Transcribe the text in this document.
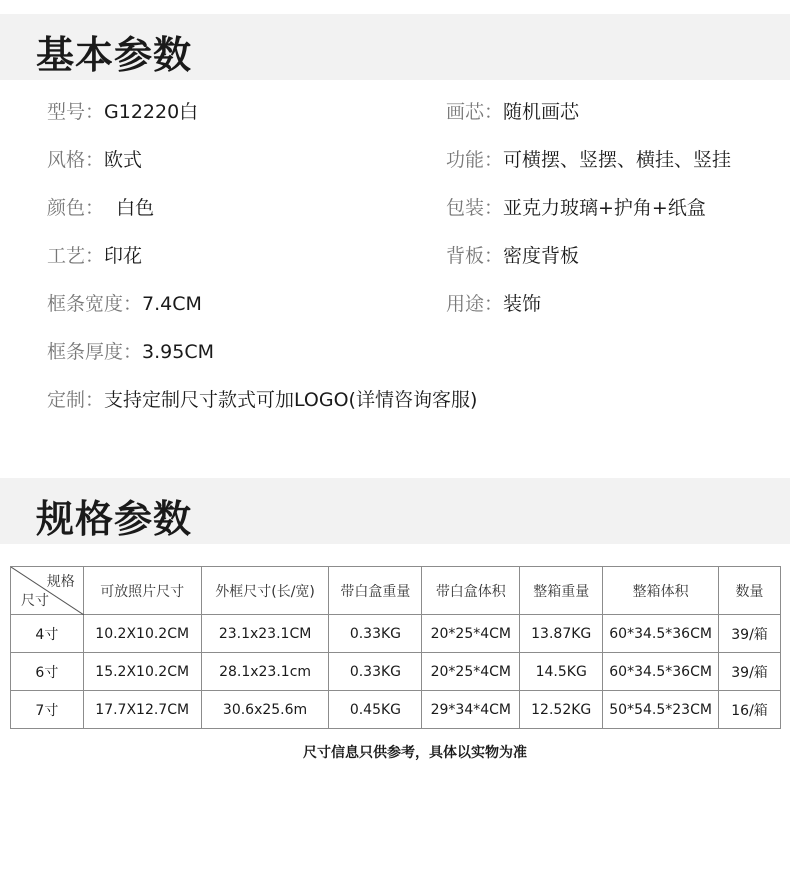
基本参数
型号：G12220白	画芯：随机画芯
风格：欧式	功能：可横摆、竖摆、横挂、竖挂
颜色：  白色	包装：亚克力玻璃+护角+纸盒
工艺：印花	背板：密度背板
框条宽度：7.4CM	用途：装饰
框条厚度：3.95CM
定制：支持定制尺寸款式可加LOGO(详情咨询客服)
规格参数
规格
尺寸	可放照片尺寸	外框尺寸(长/宽)	带白盒重量	带白盒体积	整箱重量	整箱体积	数量
4寸	10.2X10.2CM	23.1x23.1CM	0.33KG	20*25*4CM	13.87KG	60*34.5*36CM	39/箱
6寸	15.2X10.2CM	28.1x23.1cm	0.33KG	20*25*4CM	14.5KG	60*34.5*36CM	39/箱
7寸	17.7X12.7CM	30.6x25.6m	0.45KG	29*34*4CM	12.52KG	50*54.5*23CM	16/箱
尺寸信息只供参考，具体以实物为准
